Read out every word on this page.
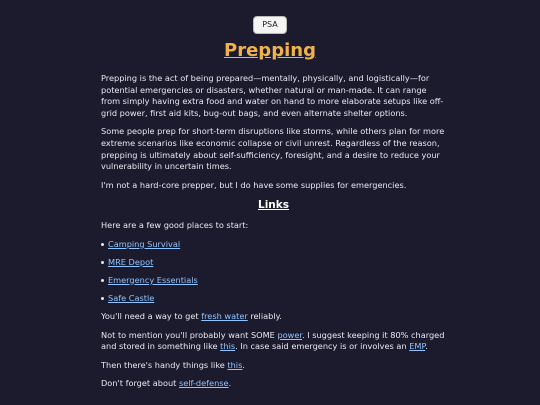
PSA
Prepping

Prepping is the act of being prepared—mentally, physically, and logistically—for potential emergencies or disasters, whether natural or man-made. It can range from simply having extra food and water on hand to more elaborate setups like off-grid power, first aid kits, bug-out bags, and even alternate shelter options.

Some people prep for short-term disruptions like storms, while others plan for more extreme scenarios like economic collapse or civil unrest. Regardless of the reason, prepping is ultimately about self-sufficiency, foresight, and a desire to reduce your vulnerability in uncertain times.

I'm not a hard-core prepper, but I do have some supplies for emergencies.

Links

Here are a few good places to start:

Camping Survival
MRE Depot
Emergency Essentials
Safe Castle

You'll need a way to get fresh water reliably.

Not to mention you'll probably want SOME power. I suggest keeping it 80% charged and stored in something like this. In case said emergency is or involves an EMP.

Then there's handy things like this.

Don't forget about self-defense.
